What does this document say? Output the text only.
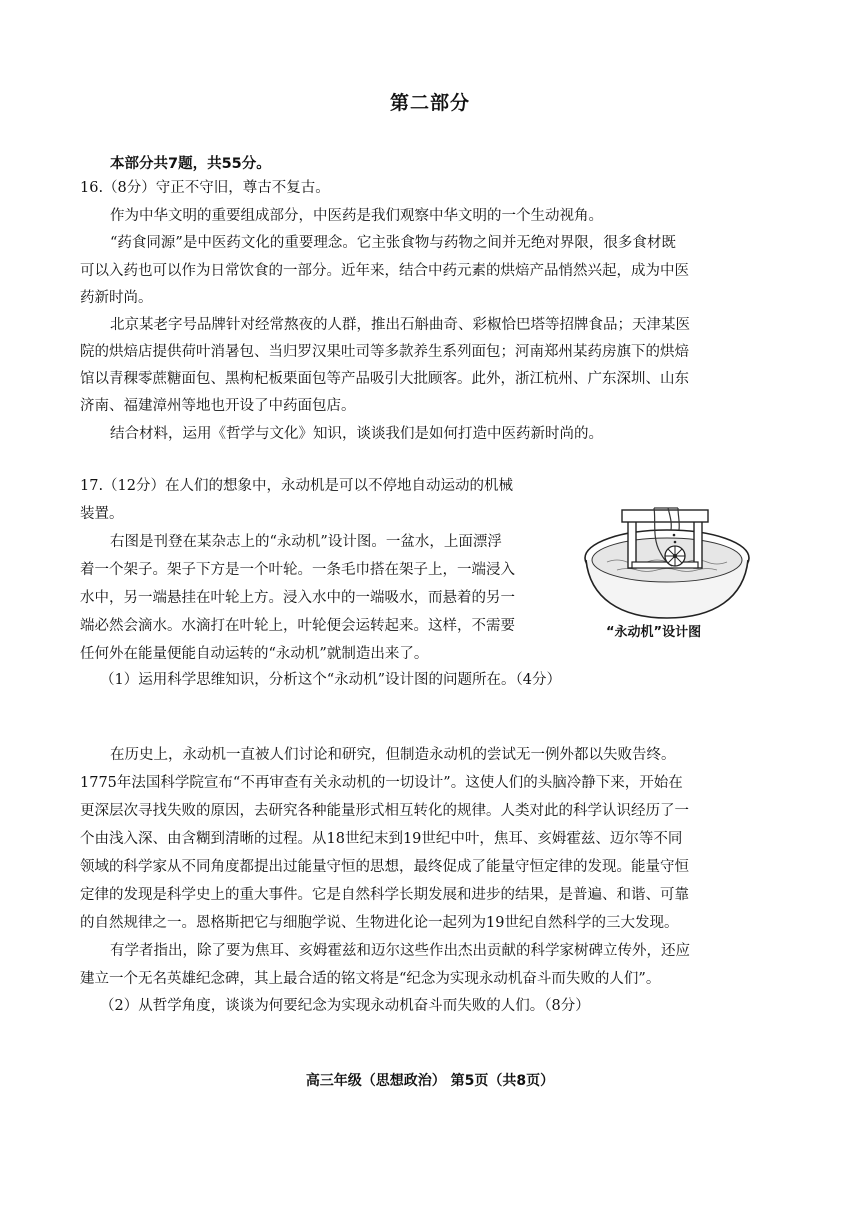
第二部分
本部分共7题，共55分。
16.（8分）守正不守旧，尊古不复古。
作为中华文明的重要组成部分，中医药是我们观察中华文明的一个生动视角。
“药食同源”是中医药文化的重要理念。它主张食物与药物之间并无绝对界限，很多食材既
可以入药也可以作为日常饮食的一部分。近年来，结合中药元素的烘焙产品悄然兴起，成为中医
药新时尚。
北京某老字号品牌针对经常熬夜的人群，推出石斛曲奇、彩椒恰巴塔等招牌食品；天津某医
院的烘焙店提供荷叶消暑包、当归罗汉果吐司等多款养生系列面包；河南郑州某药房旗下的烘焙
馆以青稞零蔗糖面包、黑枸杞板栗面包等产品吸引大批顾客。此外，浙江杭州、广东深圳、山东
济南、福建漳州等地也开设了中药面包店。
结合材料，运用《哲学与文化》知识，谈谈我们是如何打造中医药新时尚的。
17.（12分）在人们的想象中，永动机是可以不停地自动运动的机械
装置。
右图是刊登在某杂志上的“永动机”设计图。一盆水，上面漂浮
着一个架子。架子下方是一个叶轮。一条毛巾搭在架子上，一端浸入
水中，另一端悬挂在叶轮上方。浸入水中的一端吸水，而悬着的另一
端必然会滴水。水滴打在叶轮上，叶轮便会运转起来。这样，不需要
任何外在能量便能自动运转的“永动机”就制造出来了。
（1）运用科学思维知识，分析这个“永动机”设计图的问题所在。（4分）
在历史上，永动机一直被人们讨论和研究，但制造永动机的尝试无一例外都以失败告终。
1775年法国科学院宣布“不再审查有关永动机的一切设计”。这使人们的头脑冷静下来，开始在
更深层次寻找失败的原因，去研究各种能量形式相互转化的规律。人类对此的科学认识经历了一
个由浅入深、由含糊到清晰的过程。从18世纪末到19世纪中叶，焦耳、亥姆霍兹、迈尔等不同
领域的科学家从不同角度都提出过能量守恒的思想，最终促成了能量守恒定律的发现。能量守恒
定律的发现是科学史上的重大事件。它是自然科学长期发展和进步的结果，是普遍、和谐、可靠
的自然规律之一。恩格斯把它与细胞学说、生物进化论一起列为19世纪自然科学的三大发现。
有学者指出，除了要为焦耳、亥姆霍兹和迈尔这些作出杰出贡献的科学家树碑立传外，还应
建立一个无名英雄纪念碑，其上最合适的铭文将是“纪念为实现永动机奋斗而失败的人们”。
（2）从哲学角度，谈谈为何要纪念为实现永动机奋斗而失败的人们。（8分）
“永动机”设计图
高三年级（思想政治） 第5页（共8页）
